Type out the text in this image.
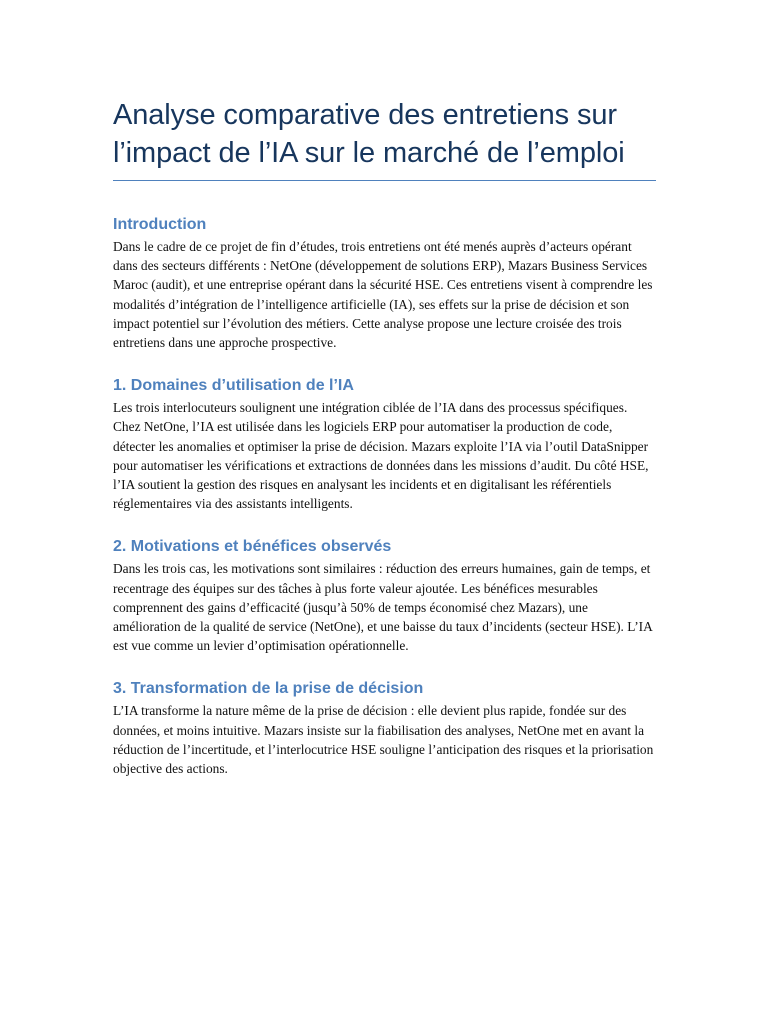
Analyse comparative des entretiens sur l’impact de l’IA sur le marché de l’emploi
Introduction

Dans le cadre de ce projet de fin d’études, trois entretiens ont été menés auprès d’acteurs opérant dans des secteurs différents : NetOne (développement de solutions ERP), Mazars Business Services Maroc (audit), et une entreprise opérant dans la sécurité HSE. Ces entretiens visent à comprendre les modalités d’intégration de l’intelligence artificielle (IA), ses effets sur la prise de décision et son impact potentiel sur l’évolution des métiers. Cette analyse propose une lecture croisée des trois entretiens dans une approche prospective.

1. Domaines d’utilisation de l’IA

Les trois interlocuteurs soulignent une intégration ciblée de l’IA dans des processus spécifiques. Chez NetOne, l’IA est utilisée dans les logiciels ERP pour automatiser la production de code, détecter les anomalies et optimiser la prise de décision. Mazars exploite l’IA via l’outil DataSnipper pour automatiser les vérifications et extractions de données dans les missions d’audit. Du côté HSE, l’IA soutient la gestion des risques en analysant les incidents et en digitalisant les référentiels réglementaires via des assistants intelligents.

2. Motivations et bénéfices observés

Dans les trois cas, les motivations sont similaires : réduction des erreurs humaines, gain de temps, et recentrage des équipes sur des tâches à plus forte valeur ajoutée. Les bénéfices mesurables comprennent des gains d’efficacité (jusqu’à 50% de temps économisé chez Mazars), une amélioration de la qualité de service (NetOne), et une baisse du taux d’incidents (secteur HSE). L’IA est vue comme un levier d’optimisation opérationnelle.

3. Transformation de la prise de décision

L’IA transforme la nature même de la prise de décision : elle devient plus rapide, fondée sur des données, et moins intuitive. Mazars insiste sur la fiabilisation des analyses, NetOne met en avant la réduction de l’incertitude, et l’interlocutrice HSE souligne l’anticipation des risques et la priorisation objective des actions.
